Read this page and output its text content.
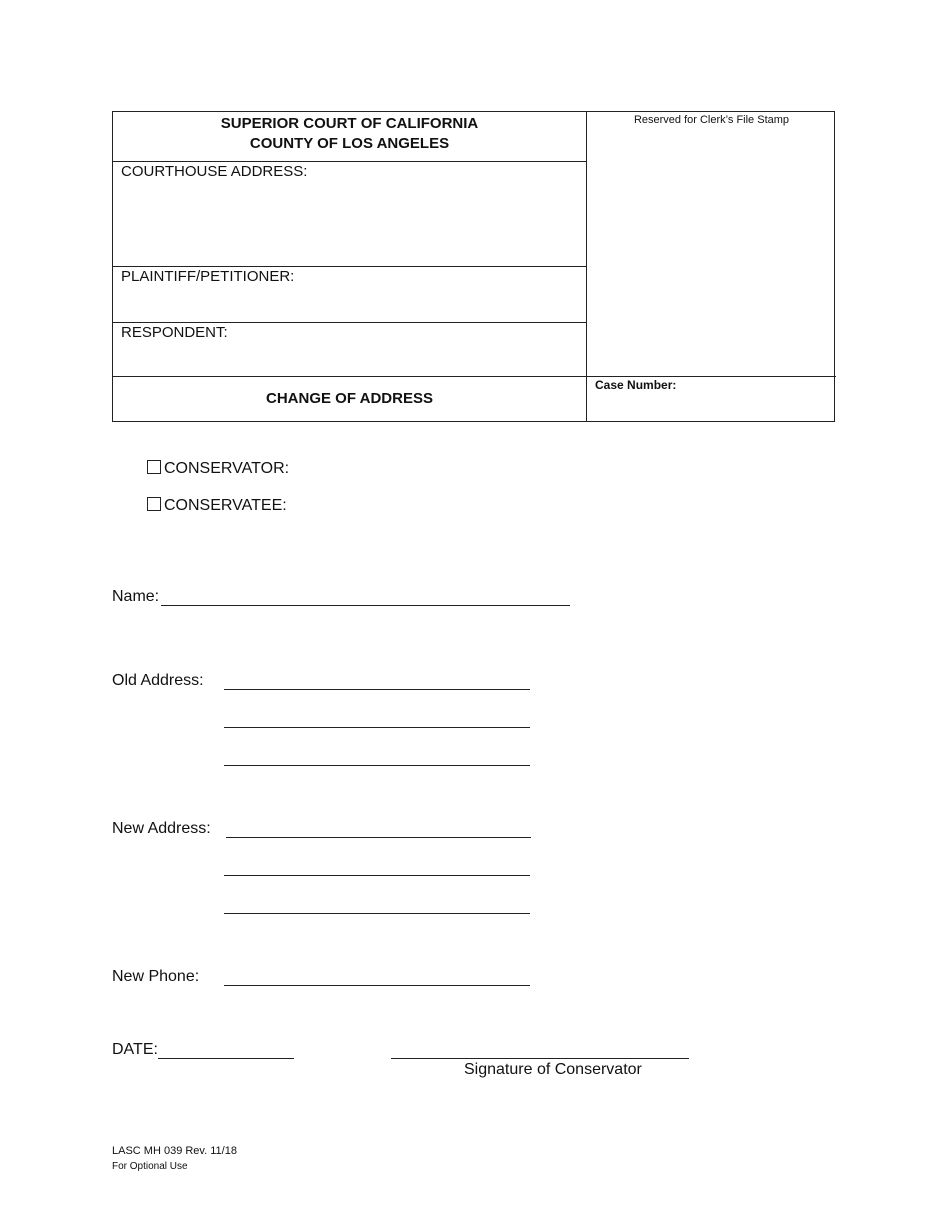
SUPERIOR COURT OF CALIFORNIA
COUNTY OF LOS ANGELES
COURTHOUSE ADDRESS:
PLAINTIFF/PETITIONER:
RESPONDENT:
CHANGE OF ADDRESS
Reserved for Clerk’s File Stamp
Case Number:
CONSERVATOR:
CONSERVATEE:
Name:
Old Address:
New Address:
New Phone:
DATE:
Signature of Conservator
LASC MH 039 Rev. 11/18
For Optional Use
